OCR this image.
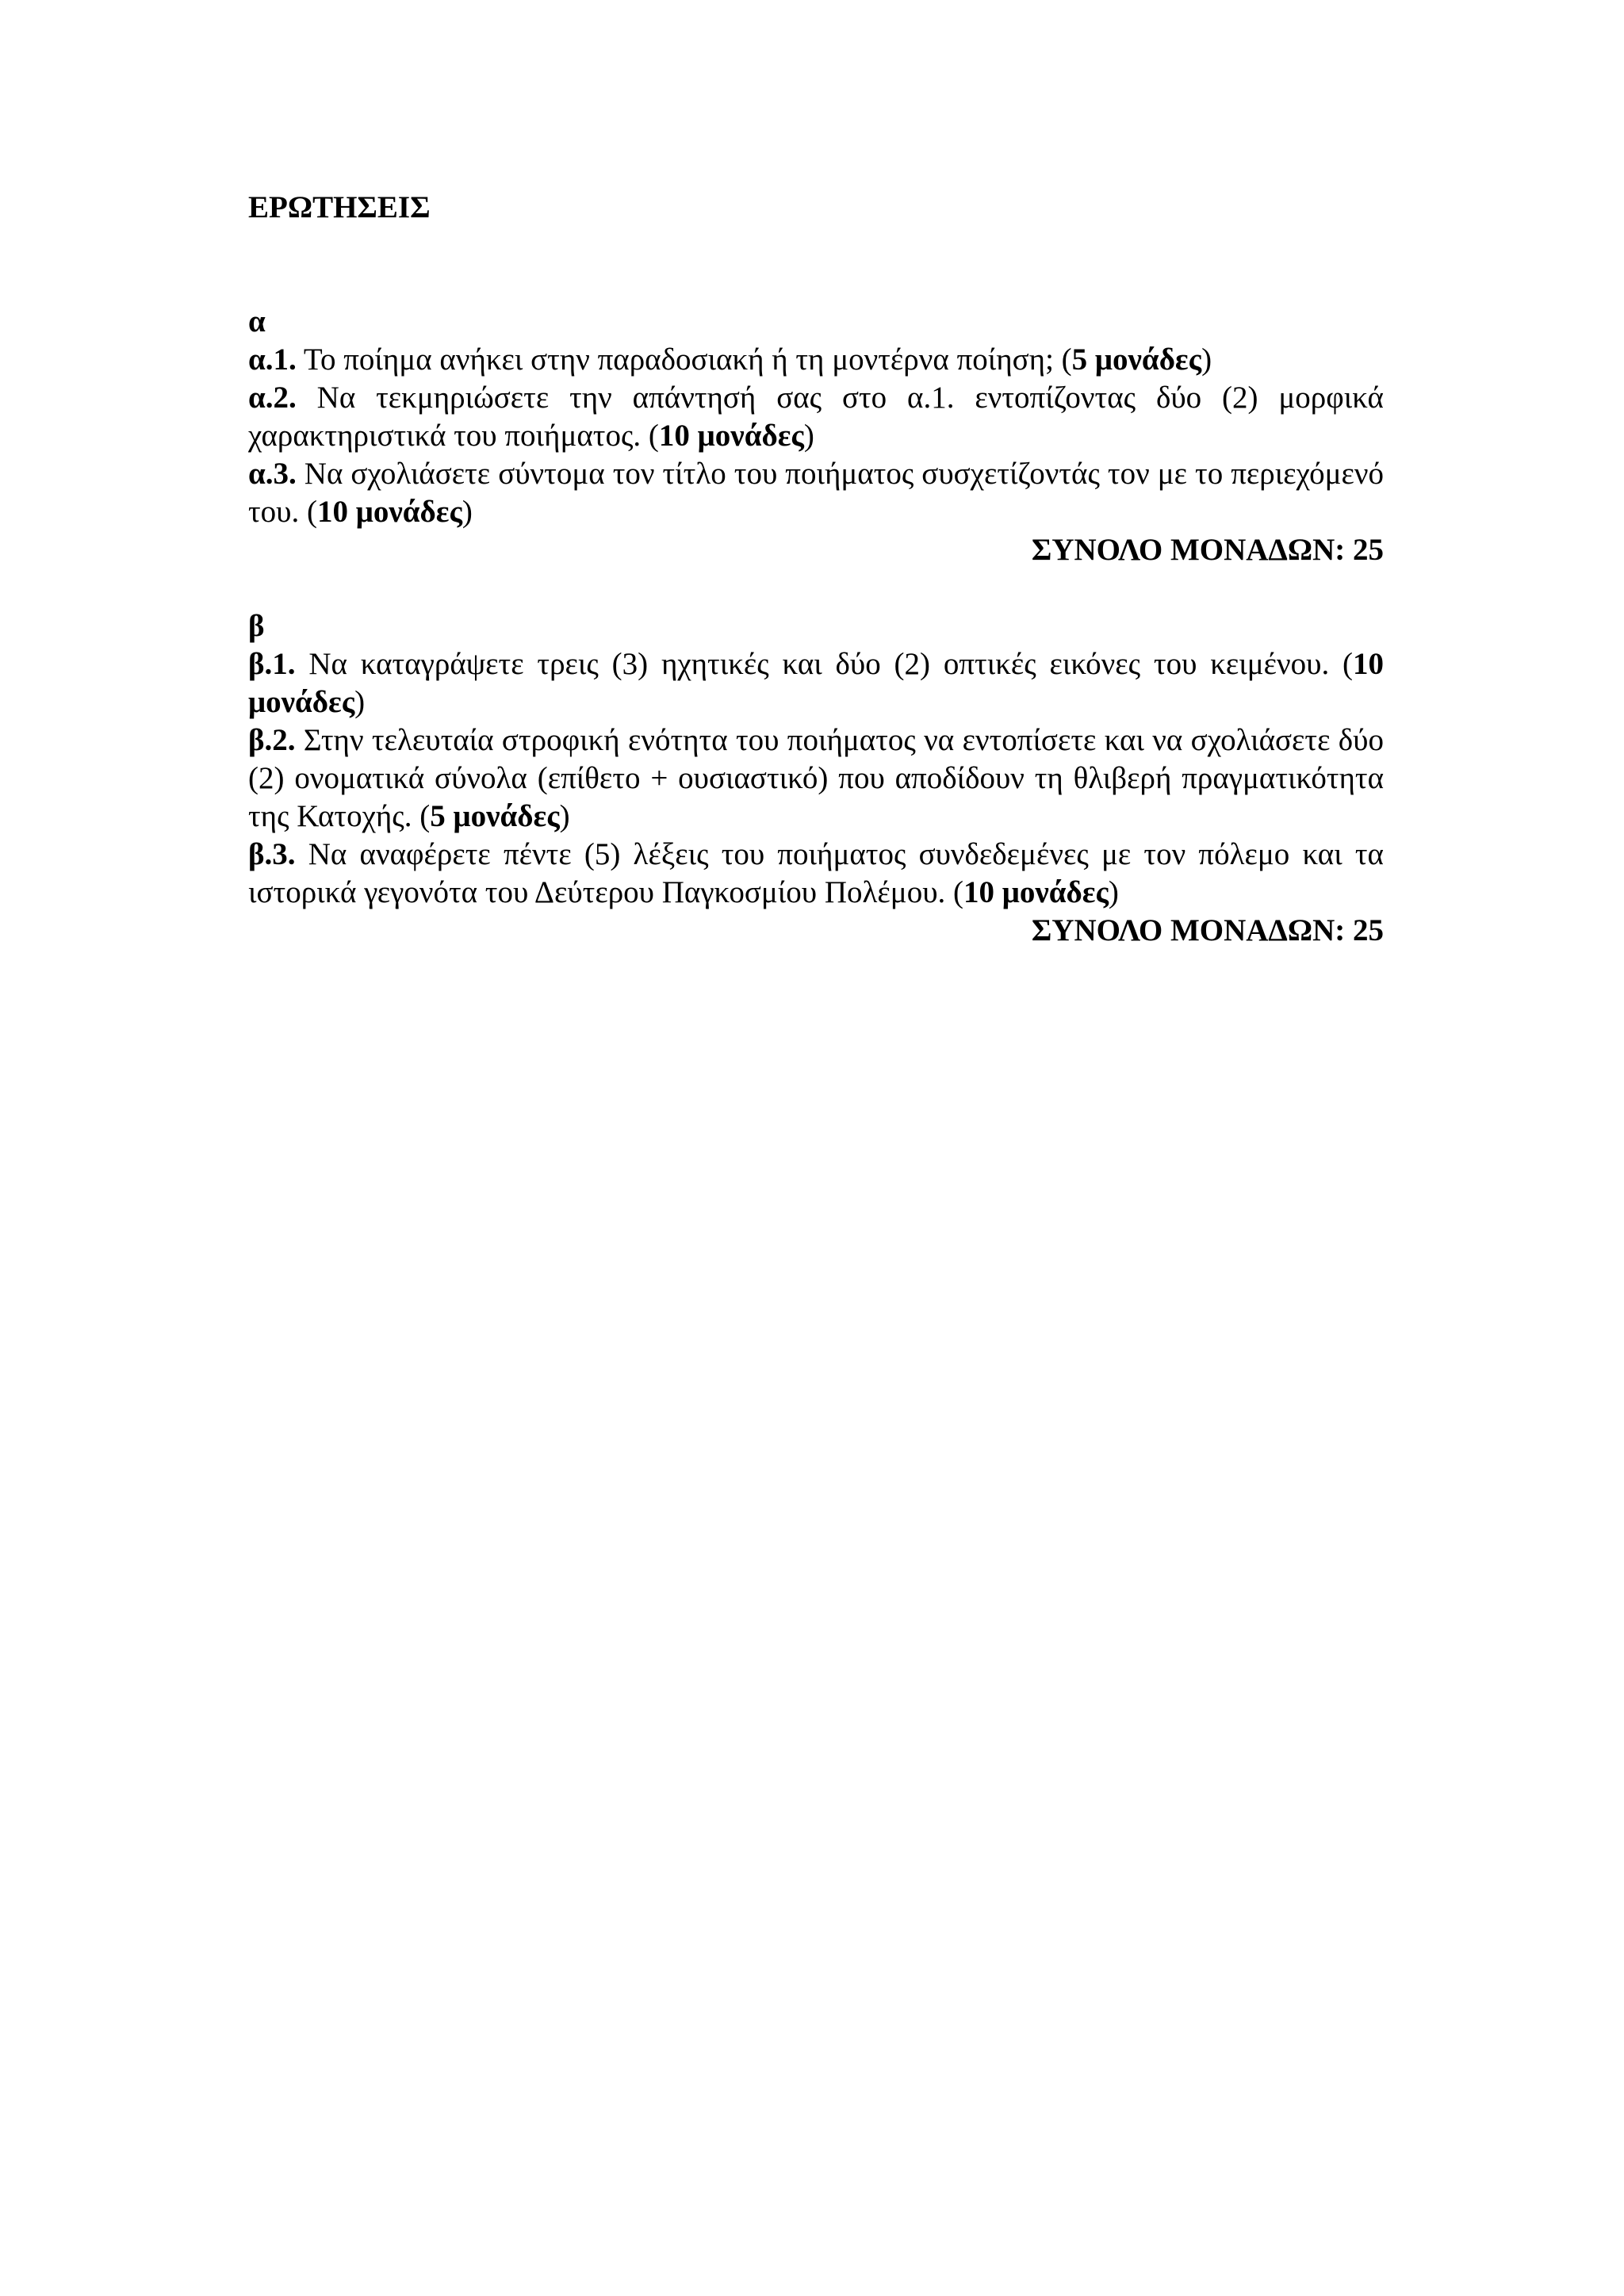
ΕΡΩΤΗΣΕΙΣ
α
α.1. Το ποίημα ανήκει στην παραδοσιακή ή τη μοντέρνα ποίηση; (5 μονάδες)
α.2. Να τεκμηριώσετε την απάντησή σας στο α.1. εντοπίζοντας δύο (2) μορφικά χαρακτηριστικά του ποιήματος. (10 μονάδες)
α.3. Να σχολιάσετε σύντομα τον τίτλο του ποιήματος συσχετίζοντάς τον με το περιεχόμενό του. (10 μονάδες)
ΣΥΝΟΛΟ ΜΟΝΑΔΩΝ: 25
β
β.1. Να καταγράψετε τρεις (3) ηχητικές και δύο (2) οπτικές εικόνες του κειμένου. (10 μονάδες)
β.2. Στην τελευταία στροφική ενότητα του ποιήματος να εντοπίσετε και να σχολιάσετε δύο (2) ονοματικά σύνολα (επίθετο + ουσιαστικό) που αποδίδουν τη θλιβερή πραγματικότητα της Κατοχής. (5 μονάδες)
β.3. Να αναφέρετε πέντε (5) λέξεις του ποιήματος συνδεδεμένες με τον πόλεμο και τα ιστορικά γεγονότα του Δεύτερου Παγκοσμίου Πολέμου. (10 μονάδες)
ΣΥΝΟΛΟ ΜΟΝΑΔΩΝ: 25
